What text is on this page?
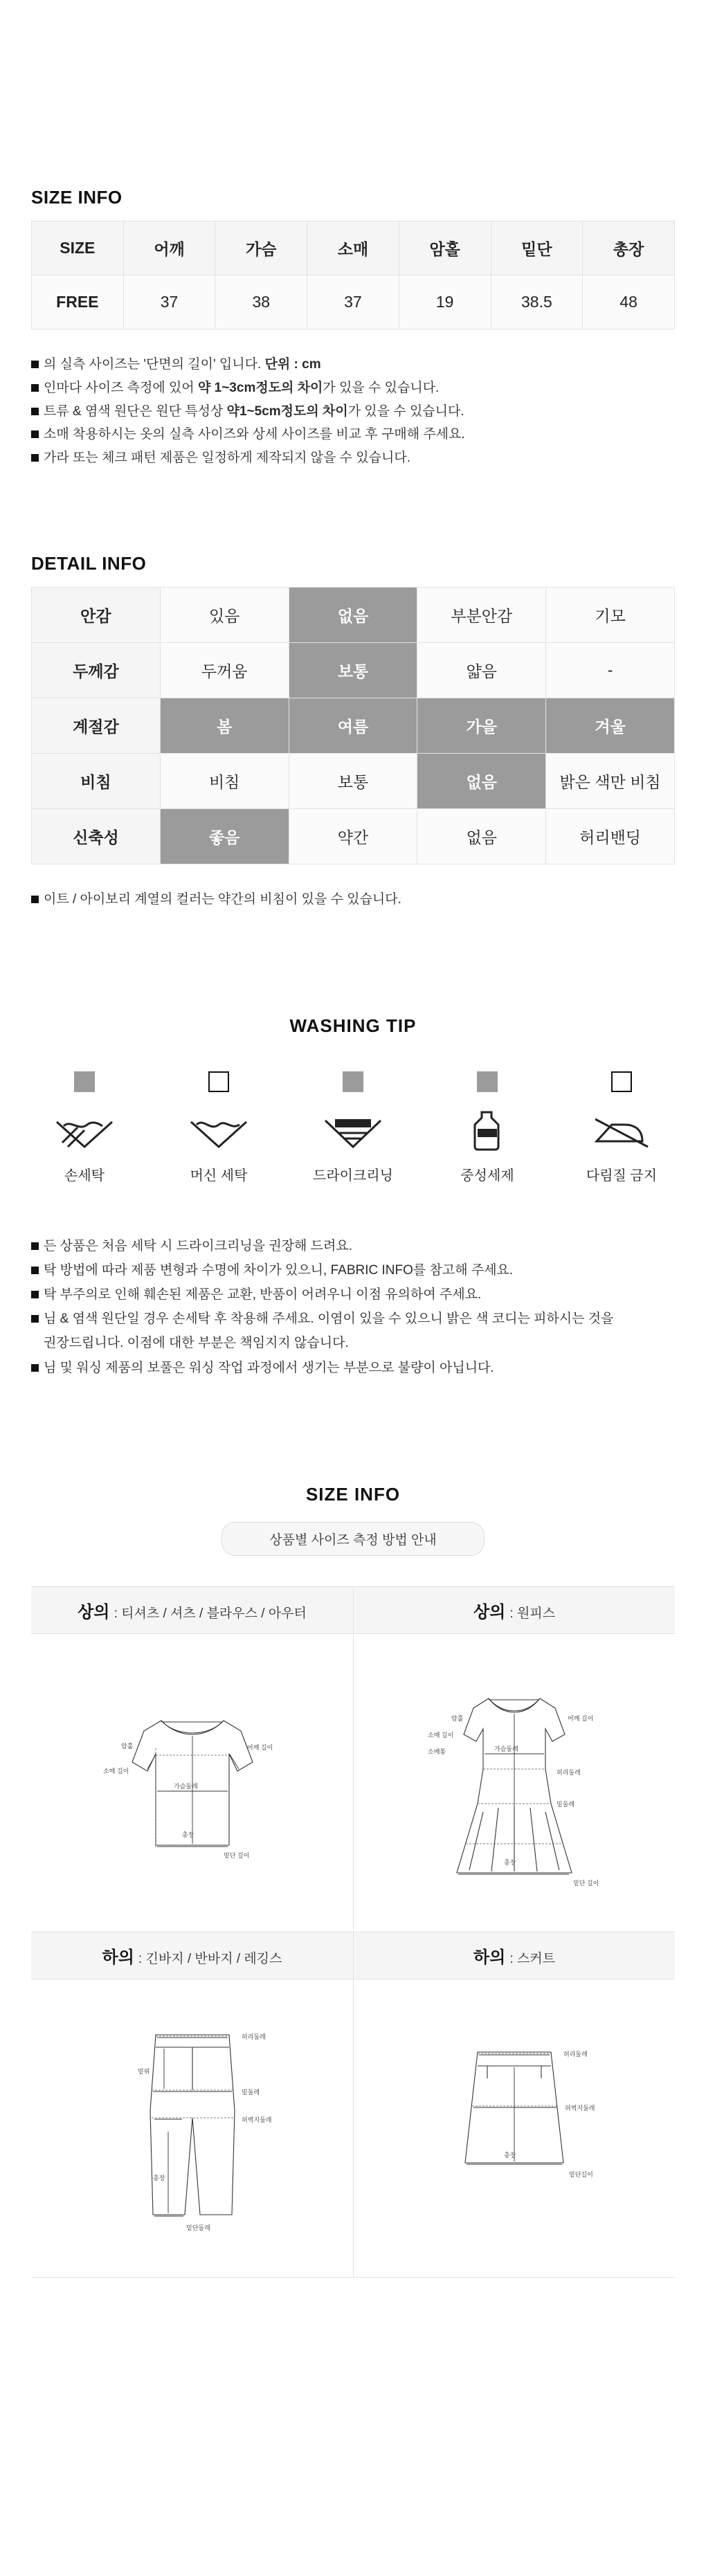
SIZE INFO
SIZE	어깨	가슴	소매	암홀	밑단	총장
FREE	37	38	37	19	38.5	48
의 실측 사이즈는 '단면의 길이' 입니다. 단위 : cm
인마다 사이즈 측정에 있어 약 1~3cm정도의 차이가 있을 수 있습니다.
트류 & 염색 원단은 원단 특성상 약1~5cm정도의 차이가 있을 수 있습니다.
소매 착용하시는 옷의 실측 사이즈와 상세 사이즈를 비교 후 구매해 주세요.
가라 또는 체크 패턴 제품은 일정하게 제작되지 않을 수 있습니다.
DETAIL INFO
안감	있음	없음	부분안감	기모
두께감	두꺼움	보통	얇음	-
계절감	봄	여름	가을	겨울
비침	비침	보통	없음	밝은 색만 비침
신축성	좋음	약간	없음	허리밴딩
이트 / 아이보리 계열의 컬러는 약간의 비침이 있을 수 있습니다.
WASHING TIP
손세탁	머신 세탁	드라이크리닝	중성세제	다림질 금지
든 상품은 처음 세탁 시 드라이크리닝을 권장해 드려요.
탁 방법에 따라 제품 변형과 수명에 차이가 있으니, FABRIC INFO를 참고해 주세요.
탁 부주의로 인해 훼손된 제품은 교환, 반품이 어려우니 이점 유의하여 주세요.
님 & 염색 원단일 경우 손세탁 후 착용해 주세요. 이염이 있을 수 있으니 밝은 색 코디는 피하시는 것을
권장드립니다. 이점에 대한 부분은 책임지지 않습니다.
님 및 워싱 제품의 보풀은 워싱 작업 과정에서 생기는 부분으로 불량이 아닙니다.
SIZE INFO
상품별 사이즈 측정 방법 안내
상의 : 티셔츠 / 셔츠 / 블라우스 / 아우터
암홀	어깨 길이
소매 길이
가슴둘레
총장
밑단 길이
상의 : 원피스
암홀	어깨 길이
소매 길이
소매통	가슴둘레
허리둘레
밑둘레
총장
밑단 길이
하의 : 긴바지 / 반바지 / 레깅스
허리둘레
밑위
밑둘레
허벅지둘레
총장
밑단둘레
하의 : 스커트
허리둘레
허벅지둘레
총장
밑단길이
